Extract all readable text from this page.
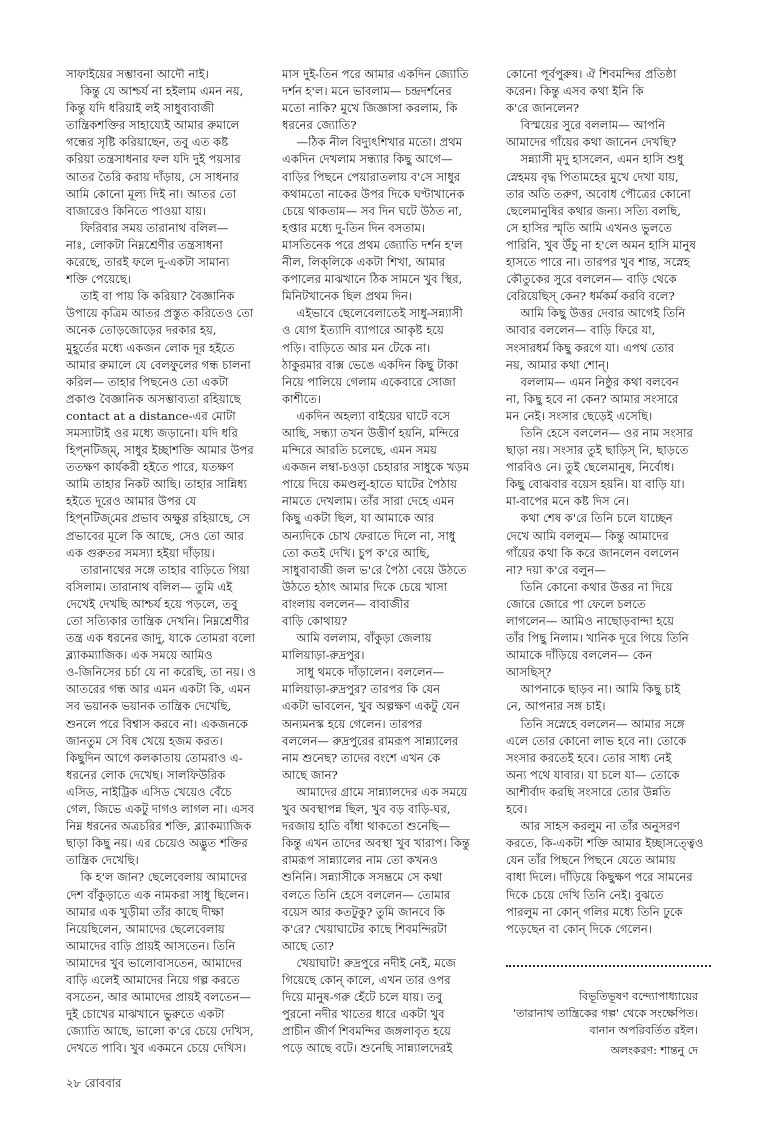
সাফাইয়ের সম্ভাবনা আদৌ নাই।

কিন্তু যে আশ্চর্য না হইলাম এমন নয়,
কিন্তু যদি ধরিয়াই লই সাধুবাবাজী
তান্ত্রিকশক্তির সাহায্যেই আমার রুমালে
গন্ধের সৃষ্টি করিয়াছেন, তবু এত কষ্ট
করিয়া তন্ত্রসাধনার ফল যদি দুই পয়সার
আতর তৈরি করায় দাঁড়ায়, সে সাধনার
আমি কোনো মূল্য দিই না। আতর তো
বাজারেও কিনিতে পাওয়া যায়।

ফিরিবার সময় তারানাথ বলিল—
নাঃ, লোকটা নিম্নশ্রেণীর তন্ত্রসাধনা
করেছে, তারই ফলে দু-একটা সামান্য
শক্তি পেয়েছে।

তাই বা পায় কি করিয়া? বৈজ্ঞানিক
উপায়ে কৃত্রিম আতর প্রস্তুত করিতেও তো
অনেক তোড়জোড়ের দরকার হয়,
মুহূর্তের মধ্যে একজন লোক দূর হইতে
আমার রুমালে যে বেলফুলের গন্ধ চালনা
করিল— তাহার পিছনেও তো একটা
প্রকাণ্ড বৈজ্ঞানিক অসম্ভাব্যতা রহিয়াছে
contact at a distance-এর মোটা
সমস্যাটাই ওর মধ্যে জড়ানো। যদি ধরি
হিপ্‌নটিজ্‌ম্‌, সাধুর ইচ্ছাশক্তি আমার উপর
ততক্ষণ কার্যকরী হইতে পারে, যতক্ষণ
আমি তাহার নিকট আছি। তাহার সান্নিধ্য
হইতে দূরেও আমার উপর যে
হিপ্‌নটিজ্‌মের প্রভাব অক্ষুণ্ণ রহিয়াছে, সে
প্রভাবের মূলে কি আছে, সেও তো আর
এক গুরুতর সমস্যা হইয়া দাঁড়ায়।

তারানাথের সঙ্গে তাহার বাড়িতে গিয়া
বসিলাম। তারানাথ বলিল— তুমি এই
দেখেই দেখছি আশ্চর্য হয়ে পড়লে, তবু
তো সত্যিকার তান্ত্রিক দেখনি। নিম্নশ্রেণীর
তন্ত্র এক ধরনের জাদু, যাকে তোমরা বলো
ব্ল্যাকম্যাজিক। এক সময়ে আমিও
ও-জিনিসের চর্চা যে না করেছি, তা নয়। ও
আতরের গন্ধ আর এমন একটা কি, এমন
সব ভয়ানক ভয়ানক তান্ত্রিক দেখেছি,
শুনলে পরে বিশ্বাস করবে না। একজনকে
জানতুম সে বিষ খেয়ে হজম করত।
কিছুদিন আগে কলকাতায় তোমরাও এ-
ধরনের লোক দেখেছ। সালফিউরিক
এসিড, নাইট্রিক এসিড খেয়েও বেঁচে
গেল, জিভে একটু দাগও লাগল না। এসব
নিম্ন ধরনের অত্রচরির শক্তি, ব্ল্যাকম্যাজিক
ছাড়া কিছু নয়। এর চেয়েও অদ্ভুত শক্তির
তান্ত্রিক দেখেছি।

কি হ'ল জান? ছেলেবেলায় আমাদের
দেশ বাঁকুড়াতে এক নামকরা সাধু ছিলেন।
আমার এক খুড়ীমা তাঁর কাছে দীক্ষা
নিয়েছিলেন, আমাদের ছেলেবেলায়
আমাদের বাড়ি প্রায়ই আসতেন। তিনি
আমাদের খুব ভালোবাসতেন, আমাদের
বাড়ি এলেই আমাদের নিয়ে গল্প করতে
বসতেন, আর আমাদের প্রায়ই বলতেন—
দুই চোখের মাঝখানে ভুরুতে একটা
জ্যোতি আছে, ভালো ক'রে চেয়ে দেখিস,
দেখতে পাবি। খুব একমনে চেয়ে দেখিস।

মাস দুই-তিন পরে আমার একদিন জ্যোতি
দর্শন হ'ল। মনে ভাবলাম— চন্দ্রদর্শনের
মতো নাকি? মুখে জিজ্ঞাসা করলাম, কি
ধরনের জ্যোতি?

—ঠিক নীল বিদ্যুৎশিখার মতো। প্রথম
একদিন দেখলাম সন্ধ্যার কিছু আগে—
বাড়ির পিছনে পেয়ারাতলায় ব'সে সাধুর
কথামতো নাকের উপর দিকে ঘণ্টাখানেক
চেয়ে থাকতাম— সব দিন ঘটে উঠত না,
হপ্তার মধ্যে দু-তিন দিন বসতাম।
মাসতিনেক পরে প্রথম জ্যোতি দর্শন হ'ল
নীল, লিক্‌লিকে একটা শিখা, আমার
কপালের মাঝখানে ঠিক সামনে খুব স্থির,
মিনিটখানেক ছিল প্রথম দিন।

এইভাবে ছেলেবেলাতেই সাধু-সন্ন্যাসী
ও যোগ ইত্যাদি ব্যাপারে আকৃষ্ট হয়ে
পড়ি। বাড়িতে আর মন টেকে না।
ঠাকুরমার বাক্স ভেঙে একদিন কিছু টাকা
নিয়ে পালিয়ে গেলাম একেবারে সোজা
কাশীতে।

একদিন অহল্যা বাইয়ের ঘাটে বসে
আছি, সন্ধ্যা তখন উত্তীর্ণ হয়নি, মন্দিরে
মন্দিরে আরতি চলেছে, এমন সময়
একজন লম্বা-চওড়া চেহারার সাধুকে খড়ম
পায়ে দিয়ে কমণ্ডলু-হাতে ঘাটের পৈঠায়
নামতে দেখলাম। তাঁর সারা দেহে এমন
কিছু একটা ছিল, যা আমাকে আর
অন্যদিকে চোখ ফেরাতে দিলে না, সাধু
তো কতই দেখি। চুপ ক'রে আছি,
সাধুবাবাজী জল ভ'রে পৈঠা বেয়ে উঠতে
উঠতে হঠাৎ আমার দিকে চেয়ে খাসা
বাংলায় বললেন— বাবাজীর
বাড়ি কোথায়?

আমি বললাম, বাঁকুড়া জেলায়
মালিয়াড়া-রুদ্রপুর।

সাধু থমকে দাঁড়ালেন। বললেন—
মালিয়াড়া-রুদ্রপুর? তারপর কি যেন
একটা ভাবলেন, খুব অল্পক্ষণ একটু যেন
অন্যমনস্ক হয়ে গেলেন। তারপর
বললেন— রুদ্রপুরের রামরূপ সান্ন্যালের
নাম শুনেছ? তাদের বংশে এখন কে
আছে জান?

আমাদের গ্রামে সান্ন্যালদের এক সময়ে
খুব অবস্থাপন্ন ছিল, খুব বড় বাড়ি-ঘর,
দরজায় হাতি বাঁধা থাকতো শুনেছি—
কিন্তু এখন তাদের অবস্থা খুব খারাপ। কিন্তু
রামরূপ সান্ন্যালের নাম তো কখনও
শুনিনি। সন্ন্যাসীকে সসম্ভ্রমে সে কথা
বলতে তিনি হেসে বললেন— তোমার
বয়েস আর কতটুকু? তুমি জানবে কি
ক'রে? খেয়াঘাটের কাছে শিবমন্দিরটা
আছে তো?

খেয়াঘাট! রুদ্রপুরে নদীই নেই, মজে
গিয়েছে কোন্‌ কালে, এখন তার ওপর
দিয়ে মানুষ-গরু হেঁটে চলে যায়। তবু
পুরনো নদীর খাতের ধারে একটা খুব
প্রাচীন জীর্ণ শিবমন্দির জঙ্গলাবৃত হয়ে
পড়ে আছে বটে। শুনেছি সান্ন্যালদেরই

কোনো পূর্বপুরুষ। ঐ শিবমন্দির প্রতিষ্ঠা
করেন। কিন্তু এসব কথা ইনি কি
ক'রে জানলেন?

বিস্ময়ের সুরে বললাম— আপনি
আমাদের গাঁয়ের কথা জানেন দেখছি?

সন্ন্যাসী মৃদু হাসলেন, এমন হাসি শুধু
স্নেহময় বৃদ্ধ পিতামহের মুখে দেখা যায়,
তার অতি তরুণ, অবোধ পৌত্রের কোনো
ছেলেমানুষির কথার জন্য। সত্যি বলছি,
সে হাসির স্মৃতি আমি এখনও ভুলতে
পারিনি, খুব উঁচু না হ'লে অমন হাসি মানুষ
হাসতে পারে না। তারপর খুব শান্ত, সস্নেহ
কৌতুকের সুরে বললেন— বাড়ি থেকে
বেরিয়েছিস্‌ কেন? ধর্মকর্ম করবি বলে?

আমি কিছু উত্তর দেবার আগেই তিনি
আবার বললেন— বাড়ি ফিরে যা,
সংসারধর্ম কিছু করগে যা। এপথ তোর
নয়, আমার কথা শোন্‌।

বললাম— এমন নিষ্ঠুর কথা বলবেন
না, কিছু হবে না কেন? আমার সংসারে
মন নেই। সংসার ছেড়েই এসেছি।

তিনি হেসে বললেন— ওর নাম সংসার
ছাড়া নয়। সংসার তুই ছাড়িস্‌ নি, ছাড়তে
পারবিও নে। তুই ছেলেমানুষ, নির্বোধ।
কিছু বোঝবার বয়েস হয়নি। যা বাড়ি যা।
মা-বাপের মনে কষ্ট দিস নে।

কথা শেষ ক'রে তিনি চলে যাচ্ছেন
দেখে আমি বললুম— কিন্তু আমাদের
গাঁয়ের কথা কি করে জানলেন বললেন
না? দয়া ক'রে বলুন—

তিনি কোনো কথার উত্তর না দিয়ে
জোরে জোরে পা ফেলে চলতে
লাগলেন— আমিও নাছোড়বান্দা হয়ে
তাঁর পিছু নিলাম। খানিক দূরে গিয়ে তিনি
আমাকে দাঁড়িয়ে বললেন— কেন
আসছিস্‌?

আপনাকে ছাড়ব না। আমি কিছু চাই
নে, আপনার সঙ্গ চাই।

তিনি সস্নেহে বললেন— আমার সঙ্গে
এলে তোর কোনো লাভ হবে না। তোকে
সংসার করতেই হবে। তোর সাধ্য নেই
অন্য পথে যাবার। যা চলে যা— তোকে
আশীর্বাদ করছি সংসারে তোর উন্নতি
হবে।

আর সাহস করলুম না তাঁর অনুসরণ
করতে, কি-একটা শক্তি আমার ইচ্ছাসত্ত্বেও
যেন তাঁর পিছনে পিছনে যেতে আমায়
বাধা দিলে। দাঁড়িয়ে কিছুক্ষণ পরে সামনের
দিকে চেয়ে দেখি তিনি নেই। বুঝতে
পারলুম না কোন্‌ গলির মধ্যে তিনি ঢুকে
পড়েছেন বা কোন্‌ দিকে গেলেন।

বিভূতিভূষণ বন্দ্যোপাধ্যায়ের
'তারানাথ তান্ত্রিকের গল্প' থেকে সংক্ষেপিত।
বানান অপরিবর্তিত রইল।
অলংকরণ: শান্তনু দে
২৮ রোববার
